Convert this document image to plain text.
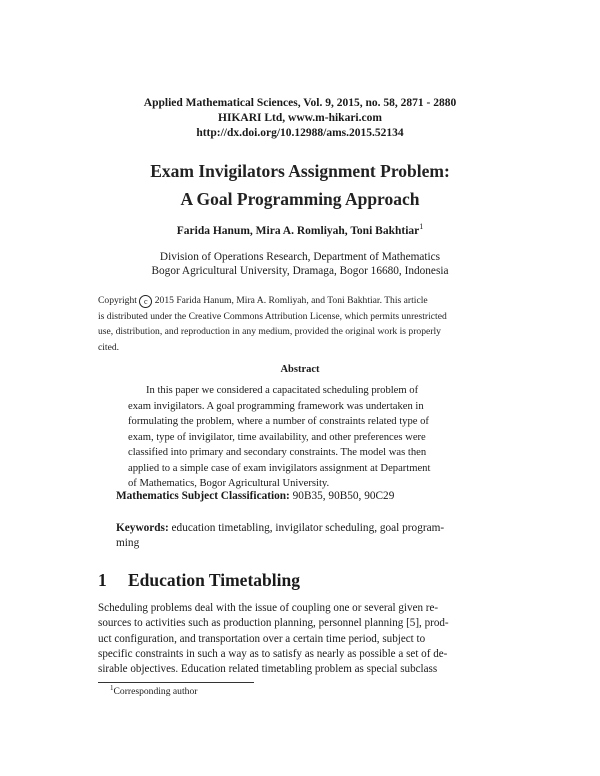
Applied Mathematical Sciences, Vol. 9, 2015, no. 58, 2871 - 2880
HIKARI Ltd, www.m-hikari.com
http://dx.doi.org/10.12988/ams.2015.52134
Exam Invigilators Assignment Problem:
A Goal Programming Approach
Farida Hanum, Mira A. Romliyah, Toni Bakhtiar$^1$
Division of Operations Research, Department of Mathematics
Bogor Agricultural University, Dramaga, Bogor 16680, Indonesia
Copyright c 2015 Farida Hanum, Mira A. Romliyah, and Toni Bakhtiar. This article
is distributed under the Creative Commons Attribution License, which permits unrestricted
use, distribution, and reproduction in any medium, provided the original work is properly
cited.
Abstract
In this paper we considered a capacitated scheduling problem of
exam invigilators. A goal programming framework was undertaken in
formulating the problem, where a number of constraints related type of
exam, type of invigilator, time availability, and other preferences were
classified into primary and secondary constraints. The model was then
applied to a simple case of exam invigilators assignment at Department
of Mathematics, Bogor Agricultural University.
Mathematics Subject Classification: 90B35, 90B50, 90C29
Keywords: education timetabling, invigilator scheduling, goal program-
ming
1 Education Timetabling
Scheduling problems deal with the issue of coupling one or several given re-
sources to activities such as production planning, personnel planning [5], prod-
uct configuration, and transportation over a certain time period, subject to
specific constraints in such a way as to satisfy as nearly as possible a set of de-
sirable objectives. Education related timetabling problem as special subclass
$^1$Corresponding author
